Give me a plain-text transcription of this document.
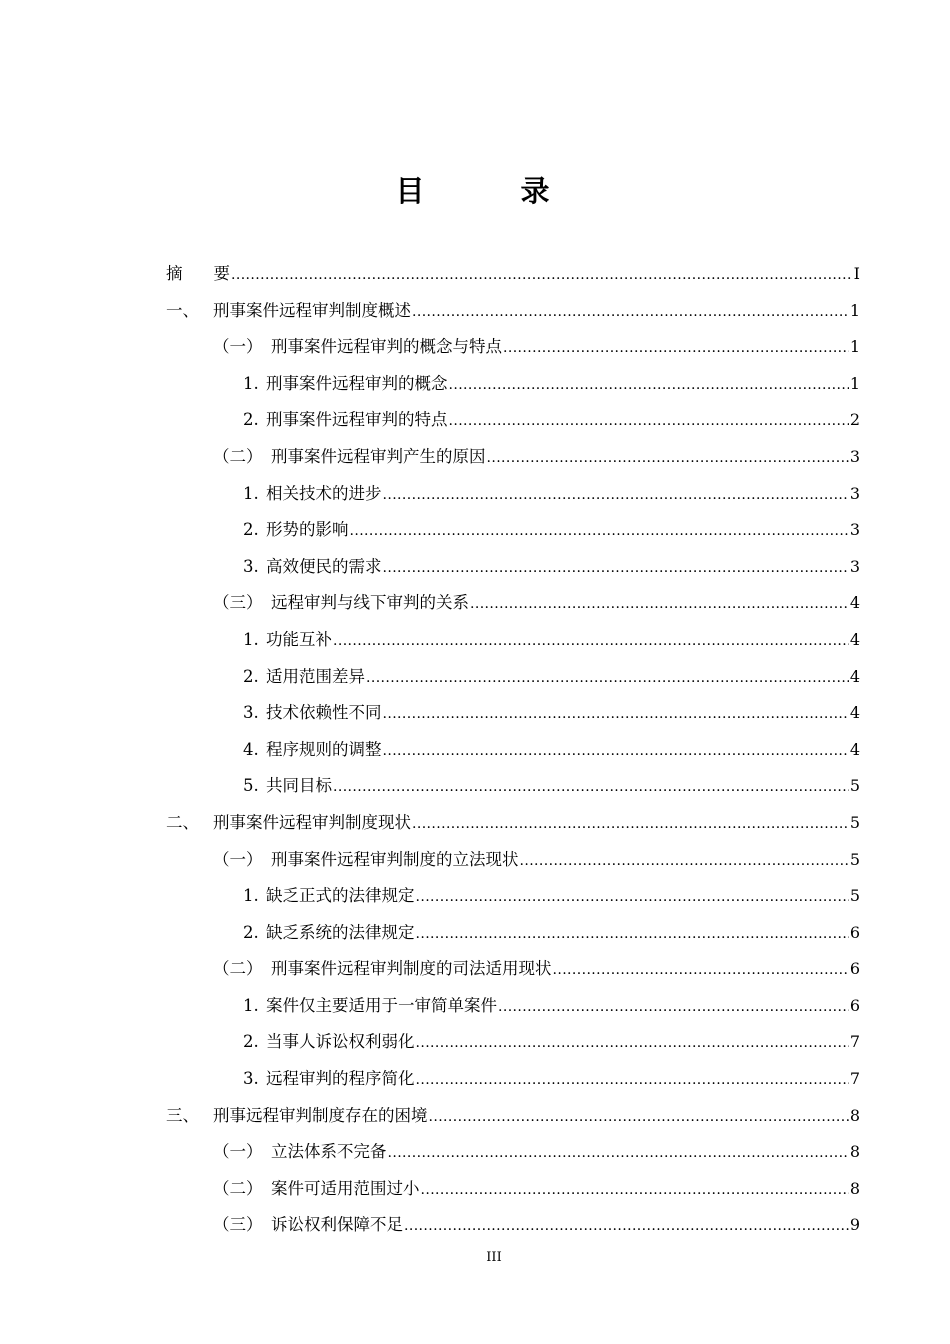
目 录
摘要 .....	I
一、 刑事案件远程审判制度概述 .....	1
（一） 刑事案件远程审判的概念与特点 .....	1
1. 刑事案件远程审判的概念 .....	1
2. 刑事案件远程审判的特点 .....	2
（二） 刑事案件远程审判产生的原因 .....	3
1. 相关技术的进步 .....	3
2. 形势的影响 .....	3
3. 高效便民的需求 .....	3
（三） 远程审判与线下审判的关系 .....	4
1. 功能互补 .....	4
2. 适用范围差异 .....	4
3. 技术依赖性不同 .....	4
4. 程序规则的调整 .....	4
5. 共同目标 .....	5
二、 刑事案件远程审判制度现状 .....	5
（一） 刑事案件远程审判制度的立法现状 .....	5
1. 缺乏正式的法律规定 .....	5
2. 缺乏系统的法律规定 .....	6
（二） 刑事案件远程审判制度的司法适用现状 .....	6
1. 案件仅主要适用于一审简单案件 .....	6
2. 当事人诉讼权利弱化 .....	7
3. 远程审判的程序简化 .....	7
三、 刑事远程审判制度存在的困境 .....	8
（一） 立法体系不完备 .....	8
（二） 案件可适用范围过小 .....	8
（三） 诉讼权利保障不足 .....	9
III
